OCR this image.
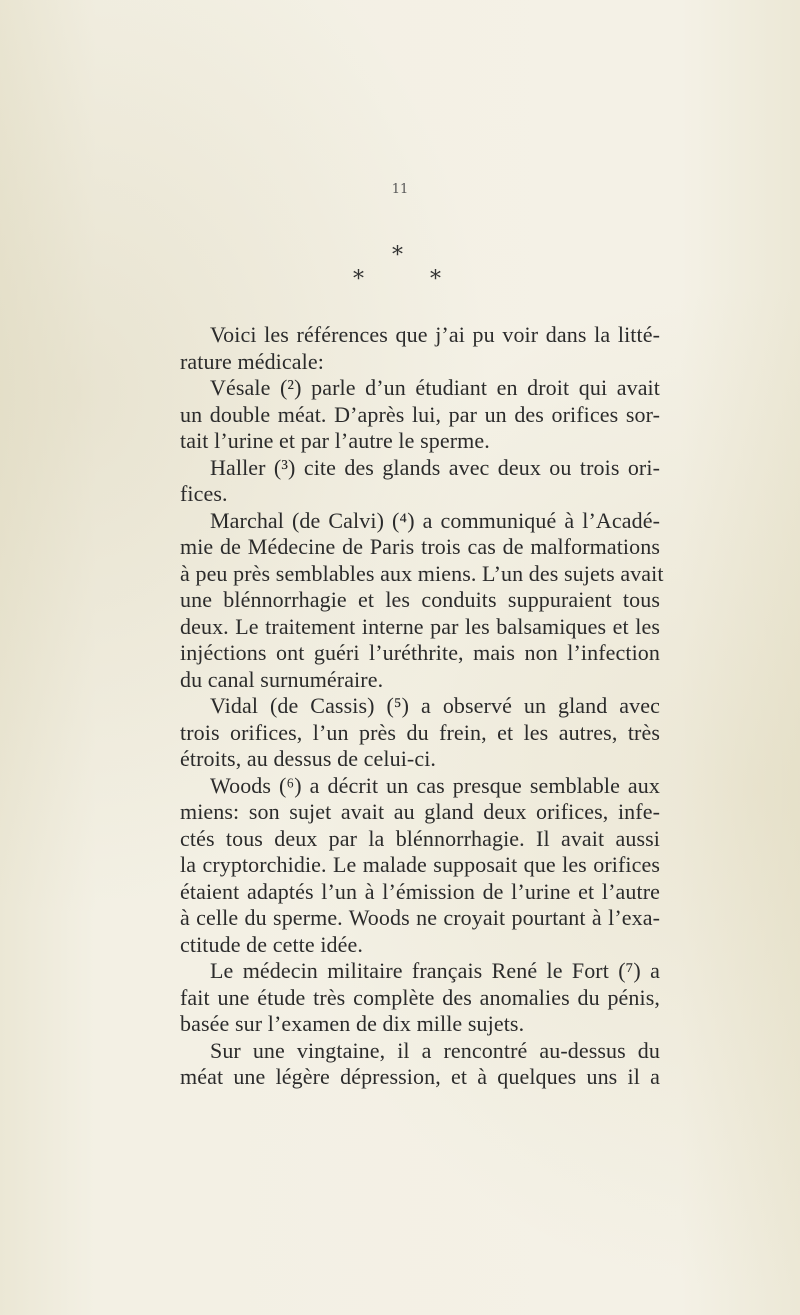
11
*
*	*
Voici les références que j’ai pu voir dans la litté-
rature médicale:
Vésale (²) parle d’un étudiant en droit qui avait
un double méat. D’après lui, par un des orifices sor-
tait l’urine et par l’autre le sperme.
Haller (³) cite des glands avec deux ou trois ori-
fices.
Marchal (de Calvi) (⁴) a communiqué à l’Acadé-
mie de Médecine de Paris trois cas de malformations
à peu près semblables aux miens. L’un des sujets avait
une blénnorrhagie et les conduits suppuraient tous
deux. Le traitement interne par les balsamiques et les
injéctions ont guéri l’uréthrite, mais non l’infection
du canal surnuméraire.
Vidal (de Cassis) (⁵) a observé un gland avec
trois orifices, l’un près du frein, et les autres, très
étroits, au dessus de celui-ci.
Woods (⁶) a décrit un cas presque semblable aux
miens: son sujet avait au gland deux orifices, infe-
ctés tous deux par la blénnorrhagie. Il avait aussi
la cryptorchidie. Le malade supposait que les orifices
étaient adaptés l’un à l’émission de l’urine et l’autre
à celle du sperme. Woods ne croyait pourtant à l’exa-
ctitude de cette idée.
Le médecin militaire français René le Fort (⁷) a
fait une étude très complète des anomalies du pénis,
basée sur l’examen de dix mille sujets.
Sur une vingtaine, il a rencontré au-dessus du
méat une légère dépression, et à quelques uns il a
